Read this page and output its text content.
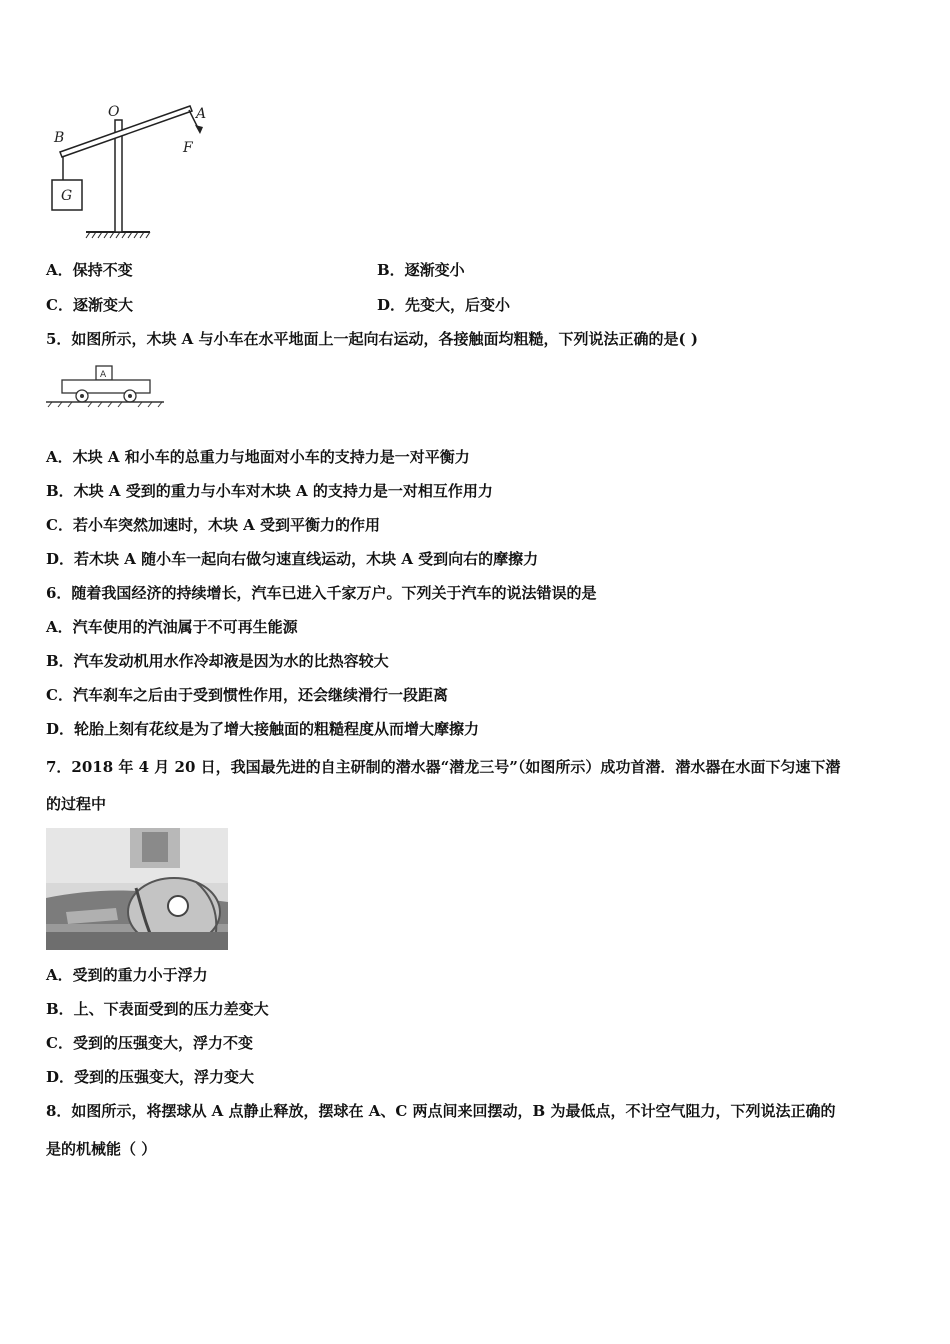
G
O	A
B
F
A．保持不变	B．逐渐变小
C．逐渐变大	D．先变大，后变小
5．如图所示，木块 A 与小车在水平地面上一起向右运动，各接触面均粗糙，下列说法正确的是( )
A
A．木块 A 和小车的总重力与地面对小车的支持力是一对平衡力
B．木块 A 受到的重力与小车对木块 A 的支持力是一对相互作用力
C．若小车突然加速时，木块 A 受到平衡力的作用
D．若木块 A 随小车一起向右做匀速直线运动，木块 A 受到向右的摩擦力
6．随着我国经济的持续增长，汽车已进入千家万户。下列关于汽车的说法错误的是
A．汽车使用的汽油属于不可再生能源
B．汽车发动机用水作冷却液是因为水的比热容较大
C．汽车刹车之后由于受到惯性作用，还会继续滑行一段距离
D．轮胎上刻有花纹是为了增大接触面的粗糙程度从而增大摩擦力
7．2018 年 4 月 20 日，我国最先进的自主研制的潜水器“潜龙三号”（如图所示）成功首潜．潜水器在水面下匀速下潜
的过程中
A．受到的重力小于浮力
B．上、下表面受到的压力差变大
C．受到的压强变大，浮力不变
D．受到的压强变大，浮力变大
8．如图所示，将摆球从 A 点静止释放，摆球在 A、C 两点间来回摆动，B 为最低点，不计空气阻力，下列说法正确的
是的机械能（ ）
